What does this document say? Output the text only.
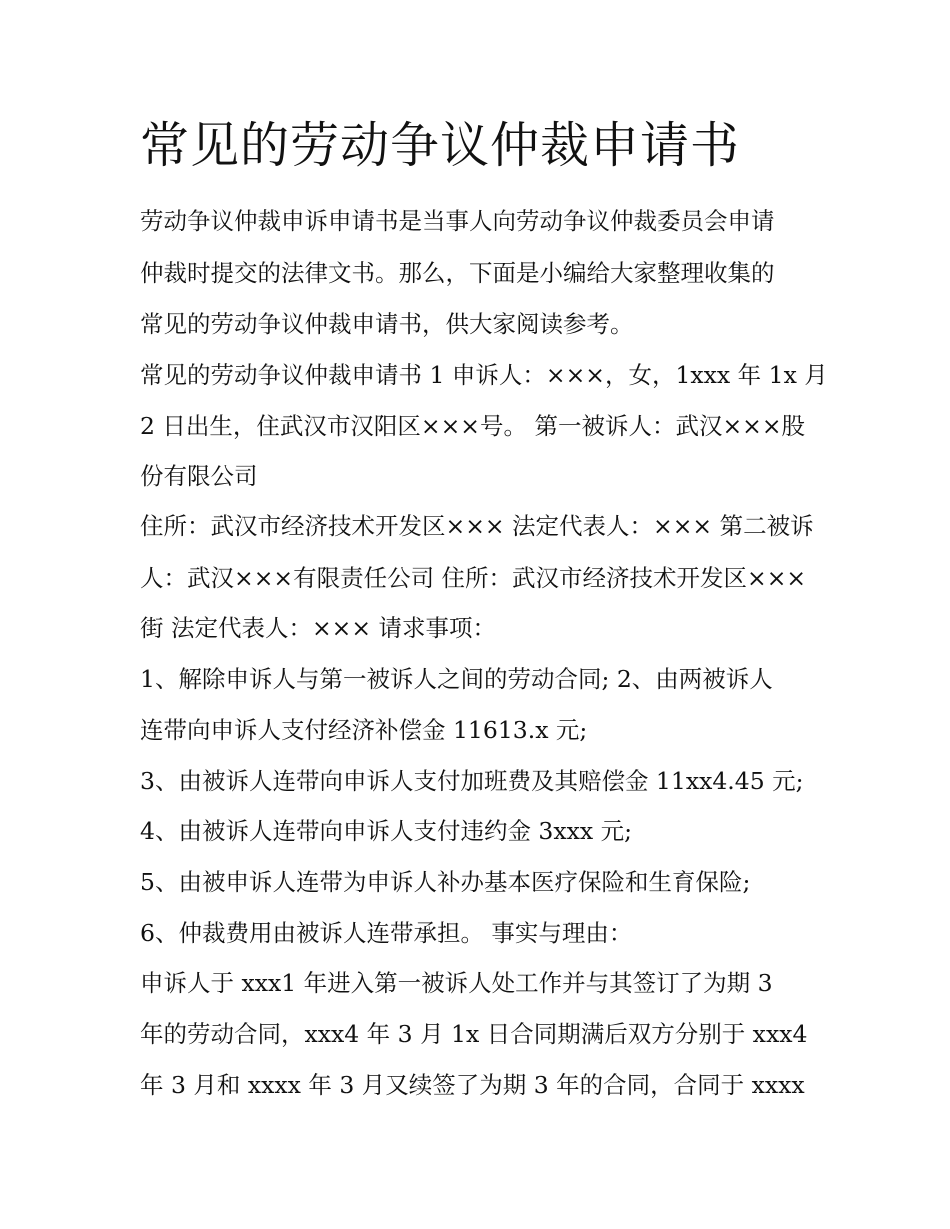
常见的劳动争议仲裁申请书

劳动争议仲裁申诉申请书是当事人向劳动争议仲裁委员会申请

仲裁时提交的法律文书。那么，下面是小编给大家整理收集的

常见的劳动争议仲裁申请书，供大家阅读参考。

常见的劳动争议仲裁申请书 1 申诉人：×××，女，1xxx 年 1x 月

2 日出生，住武汉市汉阳区×××号。 第一被诉人：武汉×××股

份有限公司

住所：武汉市经济技术开发区××× 法定代表人：××× 第二被诉

人：武汉×××有限责任公司 住所：武汉市经济技术开发区×××

街 法定代表人：××× 请求事项：

1、解除申诉人与第一被诉人之间的劳动合同; 2、由两被诉人

连带向申诉人支付经济补偿金 11613.x 元;

3、由被诉人连带向申诉人支付加班费及其赔偿金 11xx4.45 元;

4、由被诉人连带向申诉人支付违约金 3xxx 元;

5、由被申诉人连带为申诉人补办基本医疗保险和生育保险;

6、仲裁费用由被诉人连带承担。 事实与理由：

申诉人于 xxx1 年进入第一被诉人处工作并与其签订了为期 3

年的劳动合同，xxx4 年 3 月 1x 日合同期满后双方分别于 xxx4

年 3 月和 xxxx 年 3 月又续签了为期 3 年的合同，合同于 xxxx
